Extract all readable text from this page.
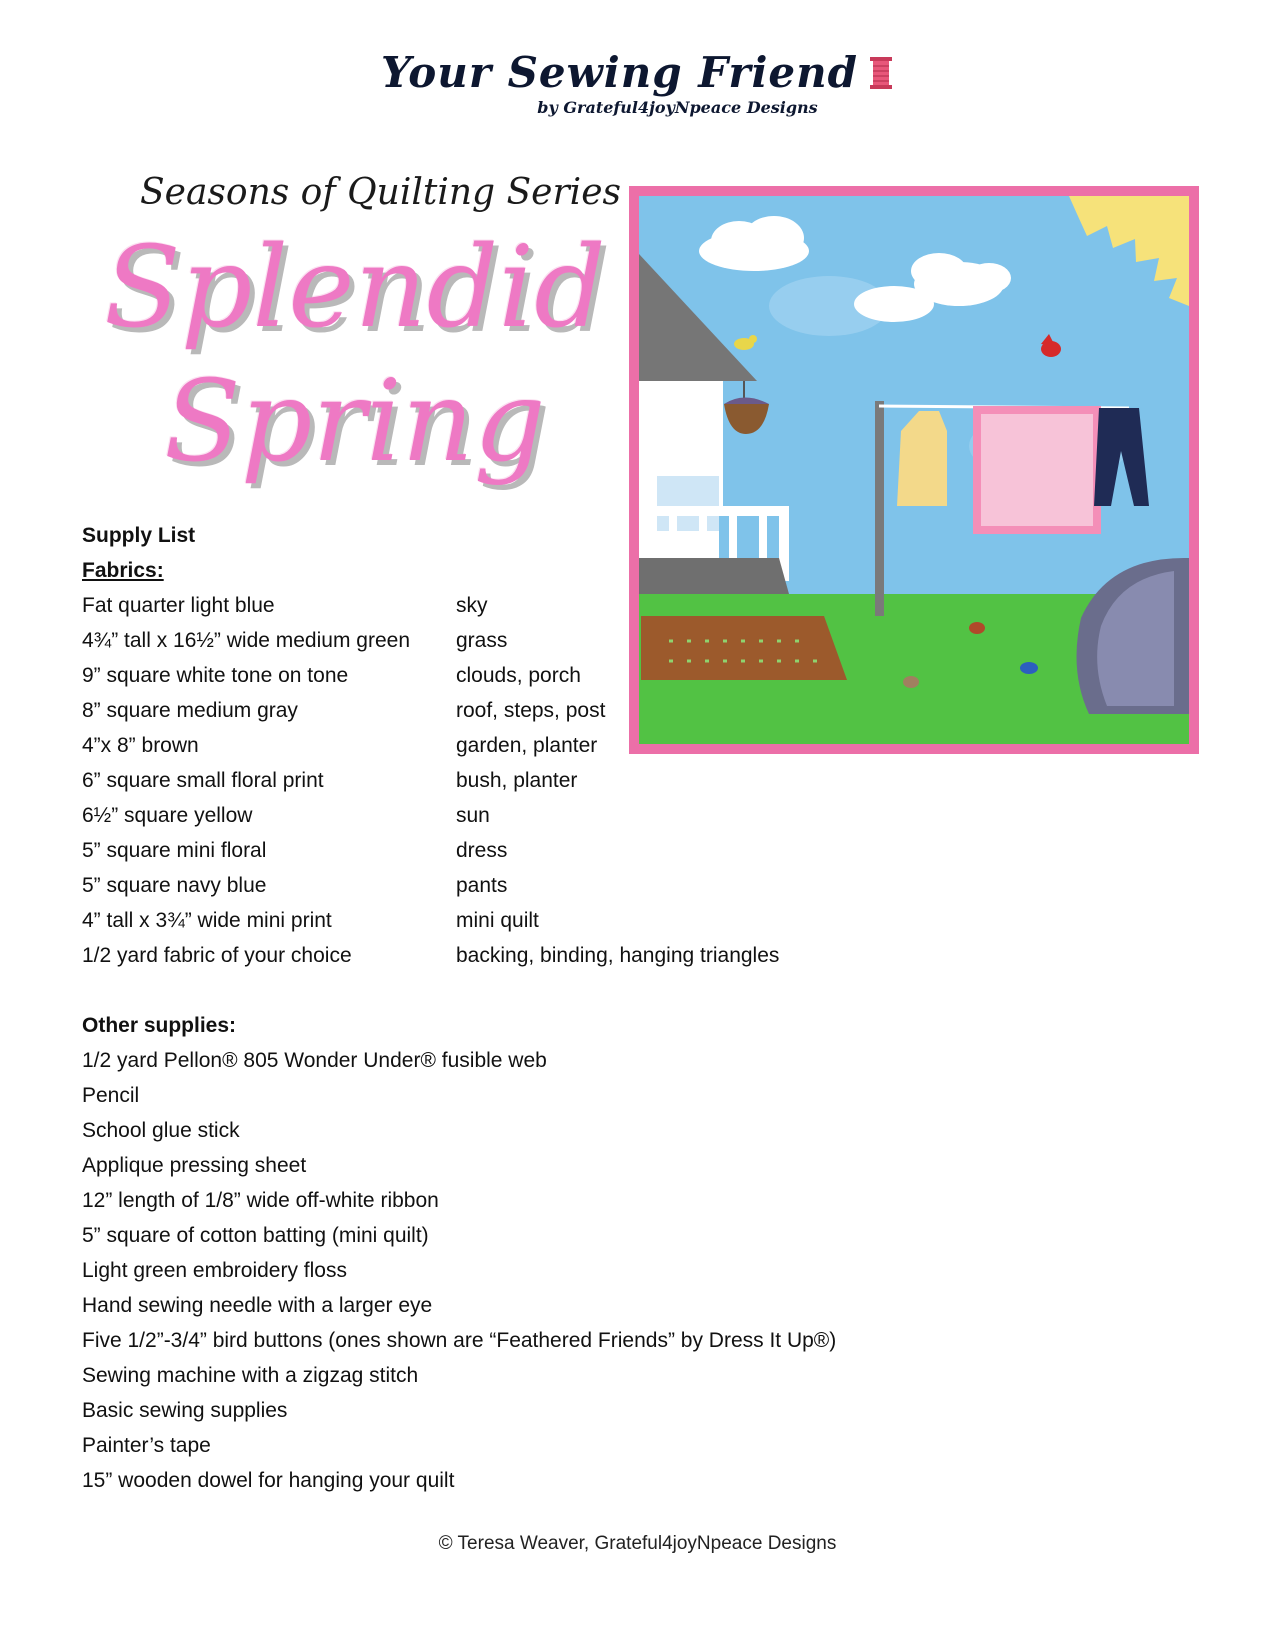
Your Sewing Friend
by Grateful4joyNpeace Designs
Seasons of Quilting Series
Splendid
Spring
Supply List
Fabrics:
Fat quarter light blue	sky
4¾” tall x 16½” wide medium green	grass
9” square white tone on tone	clouds, porch
8” square medium gray	roof, steps, post
4”x 8” brown	garden, planter
6” square small floral print	bush, planter
6½” square yellow	sun
5” square mini floral	dress
5” square navy blue	pants
4” tall x 3¾” wide mini print	mini quilt
1/2 yard fabric of your choice	backing, binding, hanging triangles
Other supplies:
1/2 yard Pellon® 805 Wonder Under® fusible web
Pencil
School glue stick
Applique pressing sheet
12” length of 1/8” wide off-white ribbon
5” square of cotton batting (mini quilt)
Light green embroidery floss
Hand sewing needle with a larger eye
Five 1/2”-3/4” bird buttons (ones shown are “Feathered Friends” by Dress It Up®)
Sewing machine with a zigzag stitch
Basic sewing supplies
Painter’s tape
15” wooden dowel for hanging your quilt
© Teresa Weaver, Grateful4joyNpeace Designs
